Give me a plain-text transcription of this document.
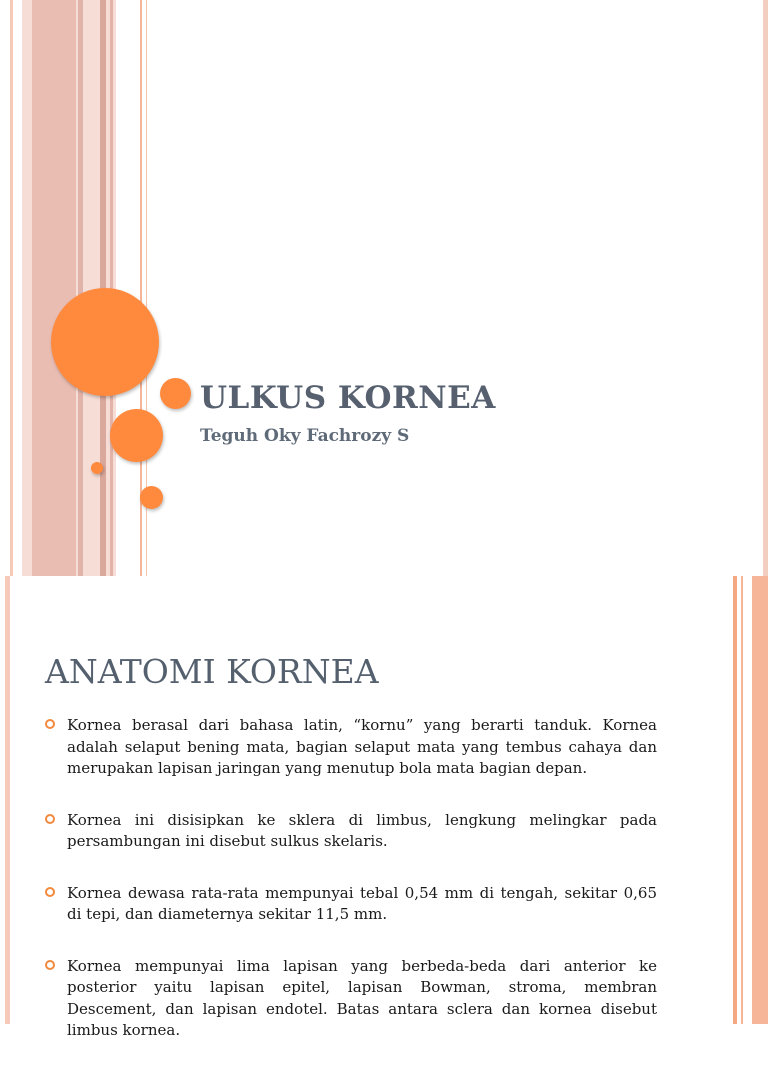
ULKUS KORNEA

Teguh Oky Fachrozy S

ANATOMI KORNEA
Kornea berasal dari bahasa latin, “kornu” yang berarti tanduk. Kornea adalah selaput bening mata, bagian selaput mata yang tembus cahaya dan merupakan lapisan jaringan yang menutup bola mata bagian depan.
Kornea ini disisipkan ke sklera di limbus, lengkung melingkar pada persambungan ini disebut sulkus skelaris.
Kornea dewasa rata-rata mempunyai tebal 0,54 mm di tengah, sekitar 0,65 di tepi, dan diameternya sekitar 11,5 mm.
Kornea mempunyai lima lapisan yang berbeda-beda dari anterior ke posterior yaitu lapisan epitel, lapisan Bowman, stroma, membran Descement, dan lapisan endotel. Batas antara sclera dan kornea disebut limbus kornea.
